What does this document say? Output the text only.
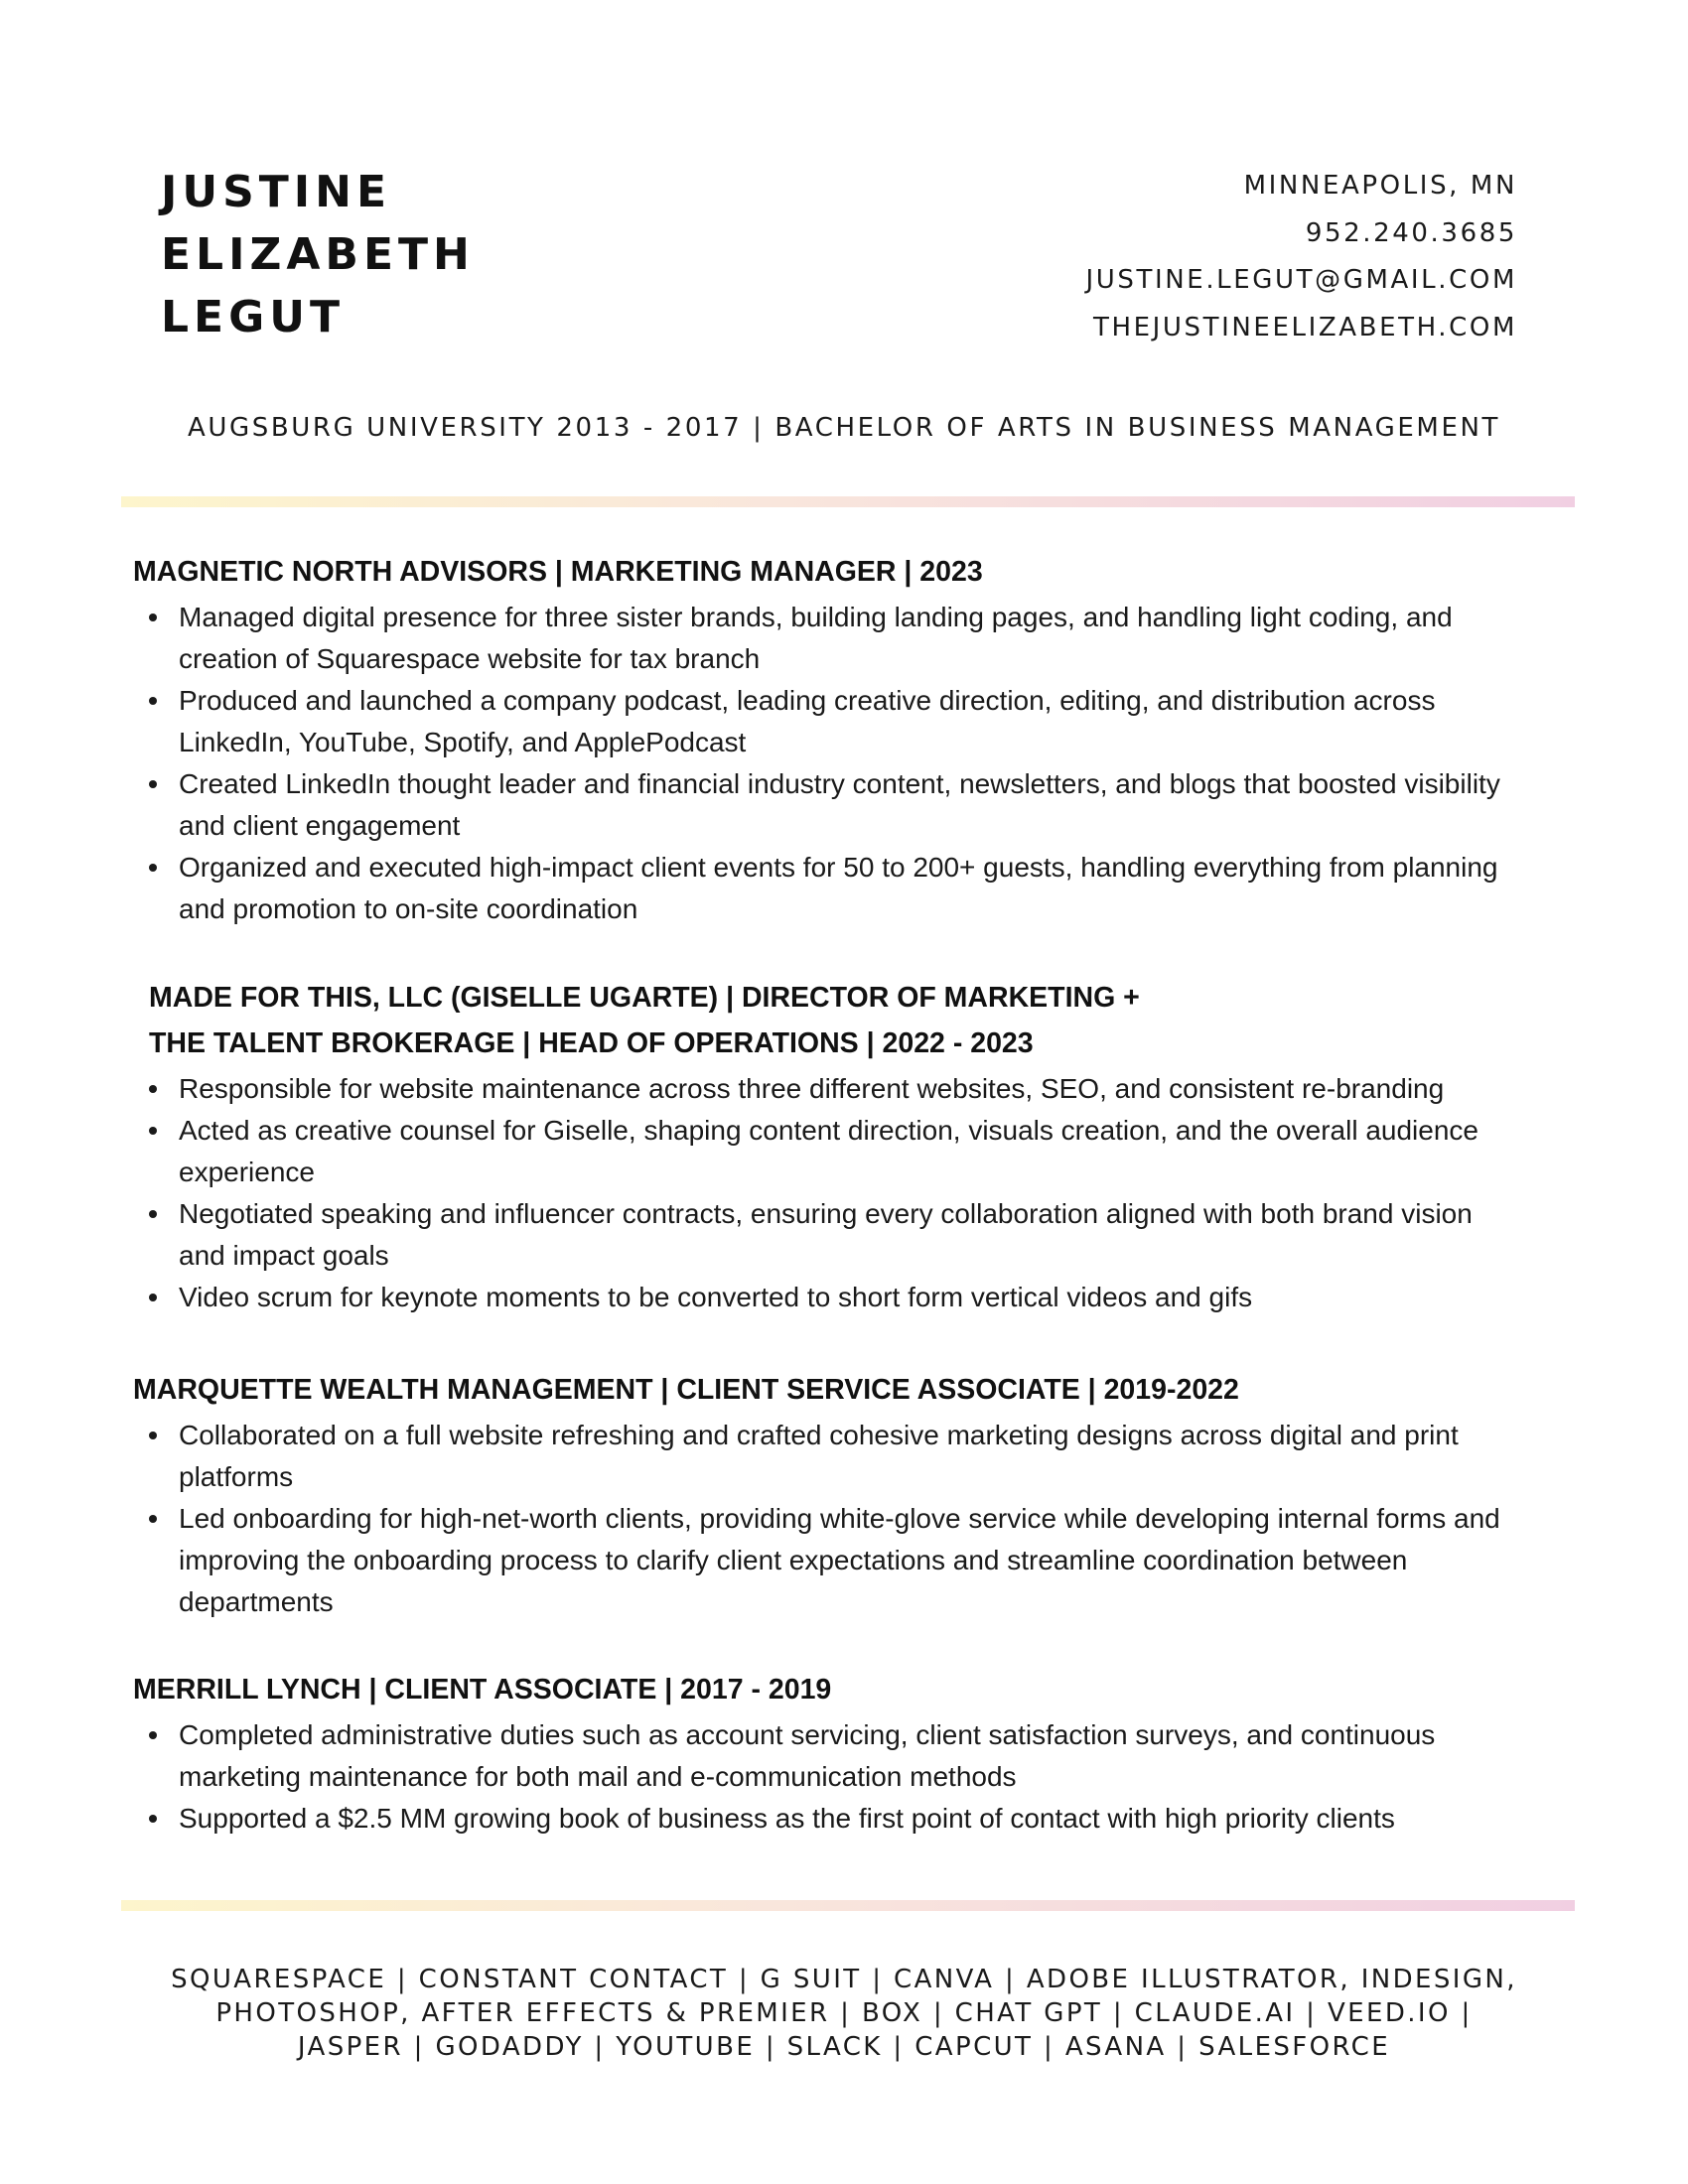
JUSTINE
ELIZABETH
LEGUT
MINNEAPOLIS, MN
952.240.3685
JUSTINE.LEGUT@GMAIL.COM
THEJUSTINEELIZABETH.COM
AUGSBURG UNIVERSITY 2013 - 2017 | BACHELOR OF ARTS IN BUSINESS MANAGEMENT
MAGNETIC NORTH ADVISORS | MARKETING MANAGER | 2023
Managed digital presence for three sister brands, building landing pages, and handling light coding, and creation of Squarespace website for tax branch
Produced and launched a company podcast, leading creative direction, editing, and distribution across LinkedIn, YouTube, Spotify, and ApplePodcast
Created LinkedIn thought leader and financial industry content, newsletters, and blogs that boosted visibility and client engagement
Organized and executed high-impact client events for 50 to 200+ guests, handling everything from planning and promotion to on-site coordination
MADE FOR THIS, LLC (GISELLE UGARTE) | DIRECTOR OF MARKETING +
THE TALENT BROKERAGE | HEAD OF OPERATIONS | 2022 - 2023
Responsible for website maintenance across three different websites, SEO, and consistent re-branding
Acted as creative counsel for Giselle, shaping content direction, visuals creation, and the overall audience experience
Negotiated speaking and influencer contracts, ensuring every collaboration aligned with both brand vision and impact goals
Video scrum for keynote moments to be converted to short form vertical videos and gifs
MARQUETTE WEALTH MANAGEMENT | CLIENT SERVICE ASSOCIATE | 2019-2022
Collaborated on a full website refreshing and crafted cohesive marketing designs across digital and print platforms
Led onboarding for high-net-worth clients, providing white-glove service while developing internal forms and improving the onboarding process to clarify client expectations and streamline coordination between departments
MERRILL LYNCH | CLIENT ASSOCIATE | 2017 - 2019
Completed administrative duties such as account servicing, client satisfaction surveys, and continuous marketing maintenance for both mail and e-communication methods
Supported a $2.5 MM growing book of business as the first point of contact with high priority clients
SQUARESPACE | CONSTANT CONTACT | G SUIT | CANVA | ADOBE ILLUSTRATOR, INDESIGN,
PHOTOSHOP, AFTER EFFECTS & PREMIER | BOX | CHAT GPT | CLAUDE.AI | VEED.IO |
JASPER | GODADDY | YOUTUBE | SLACK | CAPCUT | ASANA | SALESFORCE
